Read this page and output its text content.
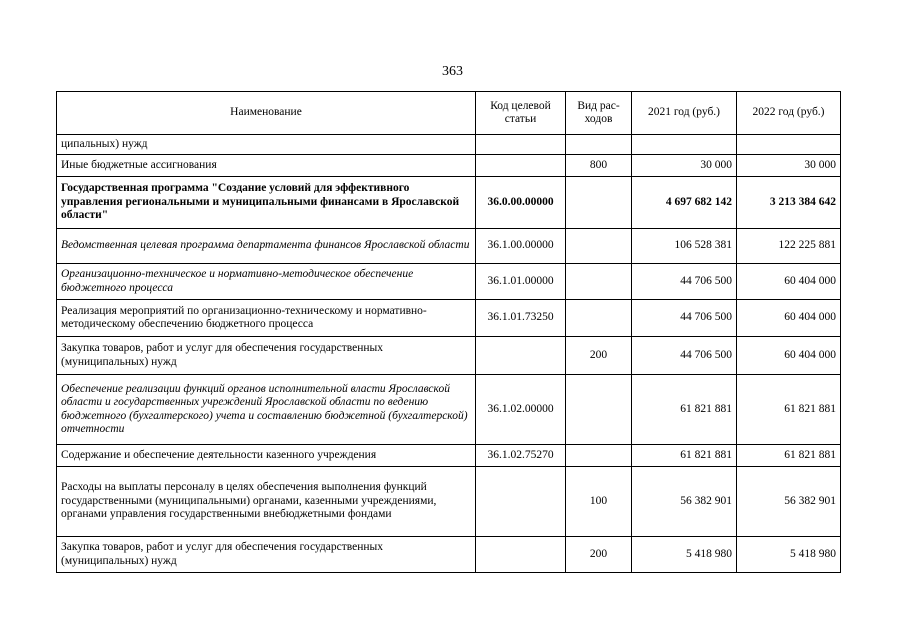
363
Наименование	Код целевой статьи	Вид рас-ходов	2021 год (руб.)	2022 год (руб.)
ципальных) нужд				
Иные бюджетные ассигнования		800	30 000	30 000
Государственная программа "Создание условий для эффективного управления региональными и муниципальными финансами в Ярославской области"	36.0.00.00000		4 697 682 142	3 213 384 642
Ведомственная целевая программа департамента финансов Ярославской области	36.1.00.00000		106 528 381	122 225 881
Организационно-техническое и нормативно-методическое обеспечение бюджетного процесса	36.1.01.00000		44 706 500	60 404 000
Реализация мероприятий по организационно-техническому и нормативно-методическому обеспечению бюджетного процесса	36.1.01.73250		44 706 500	60 404 000
Закупка товаров, работ и услуг для обеспечения государственных (муниципальных) нужд		200	44 706 500	60 404 000
Обеспечение реализации функций органов исполнительной власти Ярославской области и государственных учреждений Ярославской области по ведению бюджетного (бухгалтерского) учета и составлению бюджетной (бухгалтерской) отчетности	36.1.02.00000		61 821 881	61 821 881
Содержание и обеспечение деятельности казенного учреждения	36.1.02.75270		61 821 881	61 821 881
Расходы на выплаты персоналу в целях обеспечения выполнения функций государственными (муниципальными) органами, казенными учреждениями, органами управления государственными внебюджетными фондами		100	56 382 901	56 382 901
Закупка товаров, работ и услуг для обеспечения государственных (муниципальных) нужд		200	5 418 980	5 418 980
